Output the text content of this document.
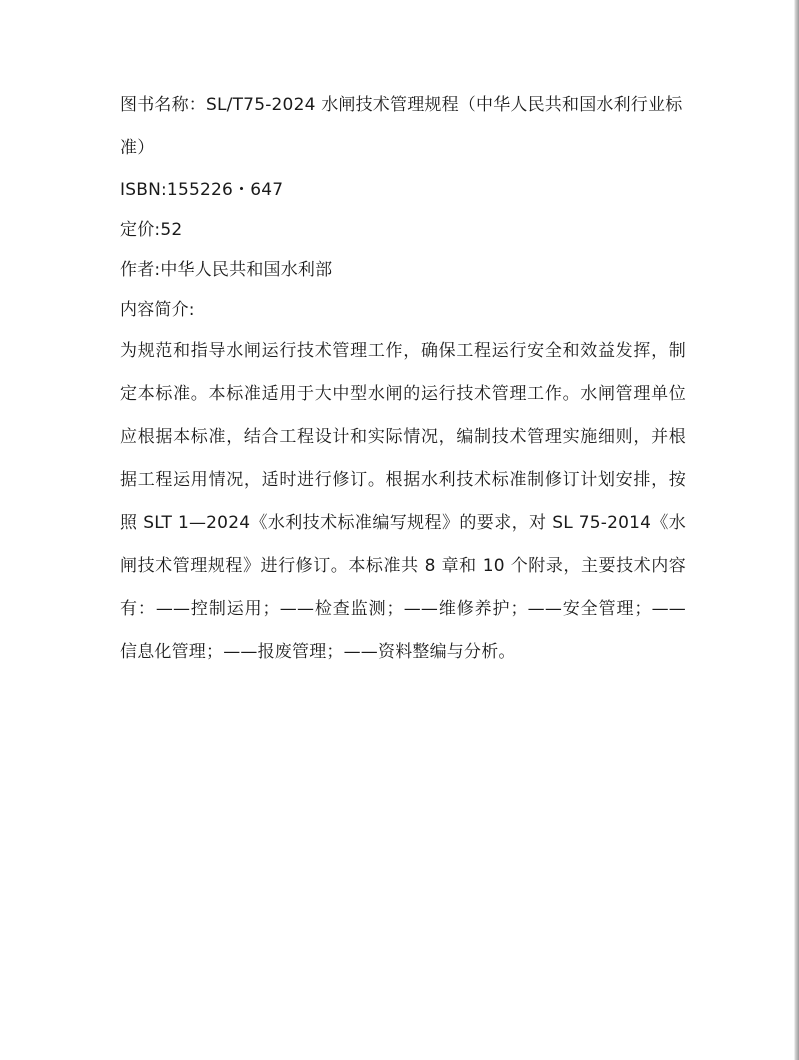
图书名称：SL/T75-2024 水闸技术管理规程（中华人民共和国水利行业标准）

ISBN:155226・647

定价:52

作者:中华人民共和国水利部

内容简介:

为规范和指导水闸运行技术管理工作，确保工程运行安全和效益发挥，制定本标准。本标准适用于大中型水闸的运行技术管理工作。水闸管理单位应根据本标准，结合工程设计和实际情况，编制技术管理实施细则，并根据工程运用情况，适时进行修订。根据水利技术标准制修订计划安排，按照 SLT 1—2024《水利技术标准编写规程》的要求，对 SL 75-2014《水闸技术管理规程》进行修订。本标准共 8 章和 10 个附录，主要技术内容有：——控制运用；——检查监测；——维修养护；——安全管理；——信息化管理；——报废管理；——资料整编与分析。
